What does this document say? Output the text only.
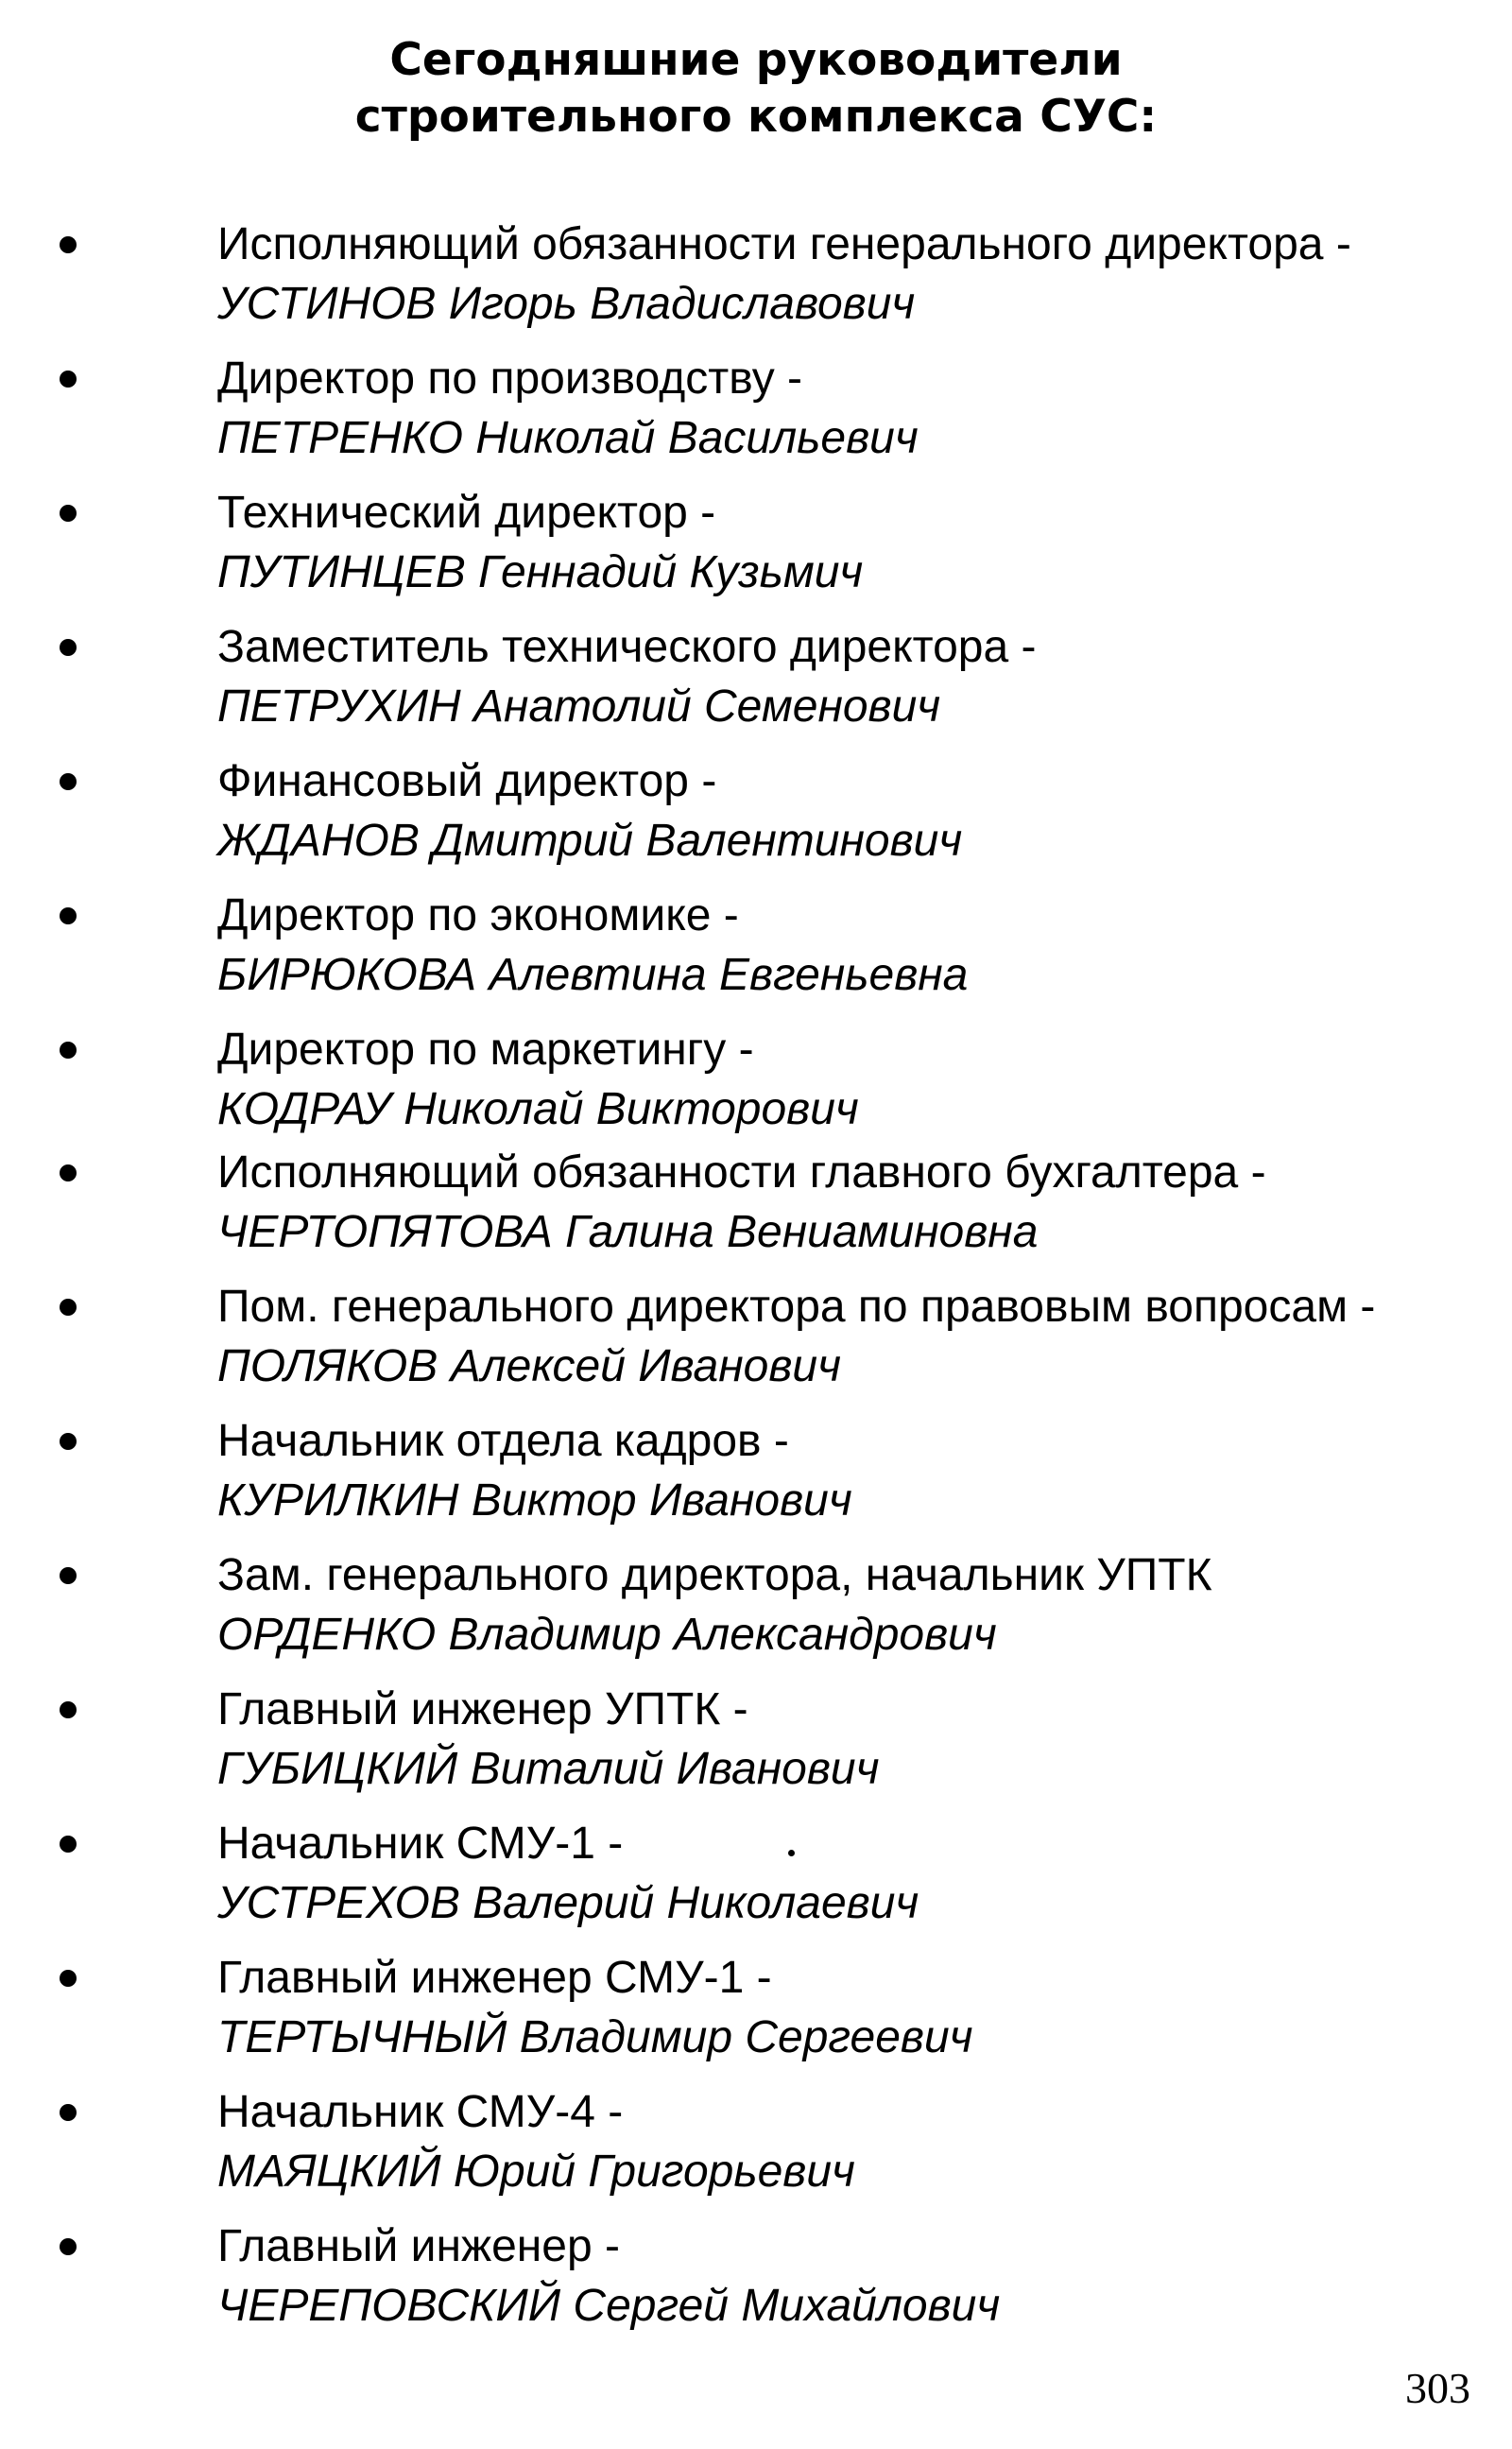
Сегодняшние руководители
строительного комплекса СУС:
Исполняющий обязанности генерального директора -
УСТИНОВ Игорь Владиславович
Директор по производству -
ПЕТРЕНКО Николай Васильевич
Технический директор -
ПУТИНЦЕВ Геннадий Кузьмич
Заместитель технического директора -
ПЕТРУХИН Анатолий Семенович
Финансовый директор -
ЖДАНОВ Дмитрий Валентинович
Директор по экономике -
БИРЮКОВА Алевтина Евгеньевна
Директор по маркетингу -
КОДРАУ Николай Викторович
Исполняющий обязанности главного бухгалтера -
ЧЕРТОПЯТОВА Галина Вениаминовна
Пом. генерального директора по правовым вопросам -
ПОЛЯКОВ Алексей Иванович
Начальник отдела кадров -
КУРИЛКИН Виктор Иванович
Зам. генерального директора, начальник УПТК
ОРДЕНКО Владимир Александрович
Главный инженер УПТК -
ГУБИЦКИЙ Виталий Иванович
Начальник СМУ-1 -
УСТРЕХОВ Валерий Николаевич
Главный инженер СМУ-1 -
ТЕРТЫЧНЫЙ Владимир Сергеевич
Начальник СМУ-4 -
МАЯЦКИЙ Юрий Григорьевич
Главный инженер -
ЧЕРЕПОВСКИЙ Сергей Михайлович
303
